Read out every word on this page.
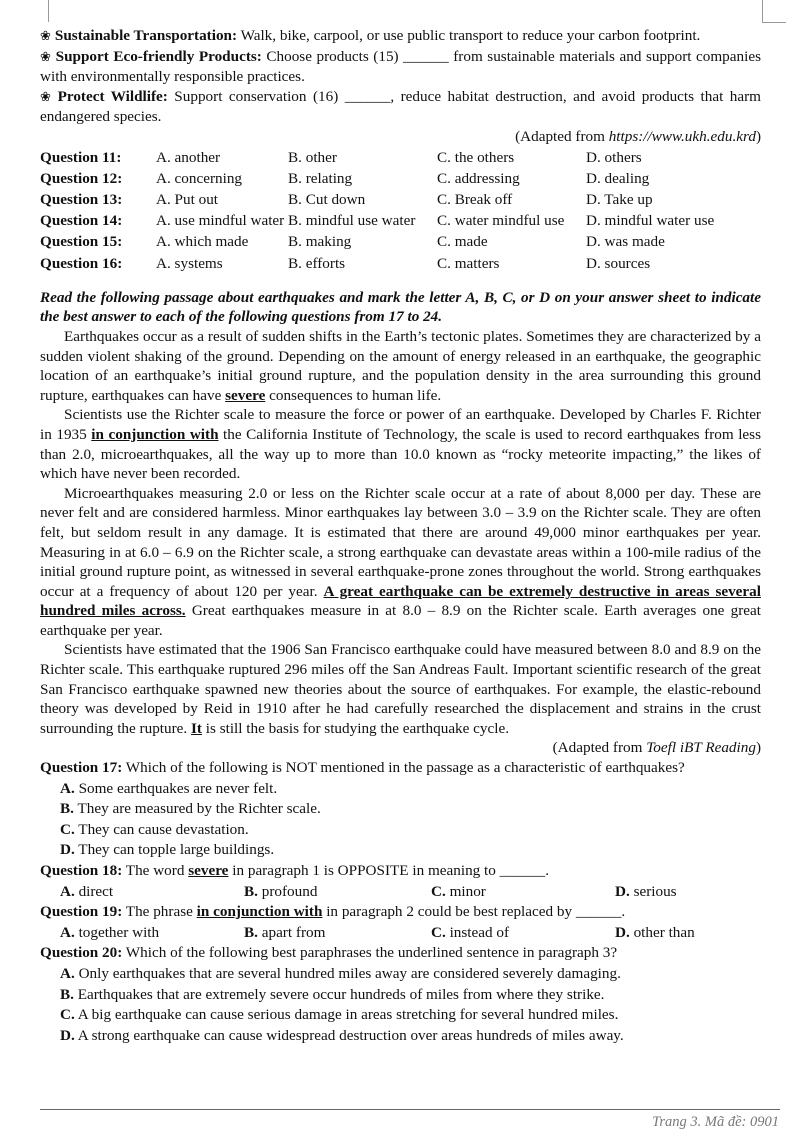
❀ Sustainable Transportation: Walk, bike, carpool, or use public transport to reduce your carbon footprint.
❀ Support Eco-friendly Products: Choose products (15) ______ from sustainable materials and support companies with environmentally responsible practices.
❀ Protect Wildlife: Support conservation (16) ______, reduce habitat destruction, and avoid products that harm endangered species.
(Adapted from https://www.ukh.edu.krd)
Question 11:	A. another	B. other	C. the others	D. others
Question 12:	A. concerning	B. relating	C. addressing	D. dealing
Question 13:	A. Put out	B. Cut down	C. Break off	D. Take up
Question 14:	A. use mindful water B. mindful use water	C. water mindful use	D. mindful water use
Question 15:	A. which made	B. making	C. made	D. was made
Question 16:	A. systems	B. efforts	C. matters	D. sources
Read the following passage about earthquakes and mark the letter A, B, C, or D on your answer sheet to indicate the best answer to each of the following questions from 17 to 24.

Earthquakes occur as a result of sudden shifts in the Earth’s tectonic plates. Sometimes they are characterized by a sudden violent shaking of the ground. Depending on the amount of energy released in an earthquake, the geographic location of an earthquake’s initial ground rupture, and the population density in the area surrounding this ground rupture, earthquakes can have severe consequences to human life.

Scientists use the Richter scale to measure the force or power of an earthquake. Developed by Charles F. Richter in 1935 in conjunction with the California Institute of Technology, the scale is used to record earthquakes from less than 2.0, microearthquakes, all the way up to more than 10.0 known as “rocky meteorite impacting,” the likes of which have never been recorded.

Microearthquakes measuring 2.0 or less on the Richter scale occur at a rate of about 8,000 per day. These are never felt and are considered harmless. Minor earthquakes lay between 3.0 – 3.9 on the Richter scale. They are often felt, but seldom result in any damage. It is estimated that there are around 49,000 minor earthquakes per year. Measuring in at 6.0 – 6.9 on the Richter scale, a strong earthquake can devastate areas within a 100-mile radius of the initial ground rupture point, as witnessed in several earthquake-prone zones throughout the world. Strong earthquakes occur at a frequency of about 120 per year. A great earthquake can be extremely destructive in areas several hundred miles across. Great earthquakes measure in at 8.0 – 8.9 on the Richter scale. Earth averages one great earthquake per year.

Scientists have estimated that the 1906 San Francisco earthquake could have measured between 8.0 and 8.9 on the Richter scale. This earthquake ruptured 296 miles off the San Andreas Fault. Important scientific research of the great San Francisco earthquake spawned new theories about the source of earthquakes. For example, the elastic-rebound theory was developed by Reid in 1910 after he had carefully researched the displacement and strains in the crust surrounding the rupture. It is still the basis for studying the earthquake cycle.

(Adapted from Toefl iBT Reading)
Question 17: Which of the following is NOT mentioned in the passage as a characteristic of earthquakes?
A. Some earthquakes are never felt.
B. They are measured by the Richter scale.
C. They can cause devastation.
D. They can topple large buildings.
Question 18: The word severe in paragraph 1 is OPPOSITE in meaning to ______.
A. direct	B. profound	C. minor	D. serious
Question 19: The phrase in conjunction with in paragraph 2 could be best replaced by ______.
A. together with	B. apart from	C. instead of	D. other than
Question 20: Which of the following best paraphrases the underlined sentence in paragraph 3?
A. Only earthquakes that are several hundred miles away are considered severely damaging.
B. Earthquakes that are extremely severe occur hundreds of miles from where they strike.
C. A big earthquake can cause serious damage in areas stretching for several hundred miles.
D. A strong earthquake can cause widespread destruction over areas hundreds of miles away.
Trang 3. Mã đề: 0901
